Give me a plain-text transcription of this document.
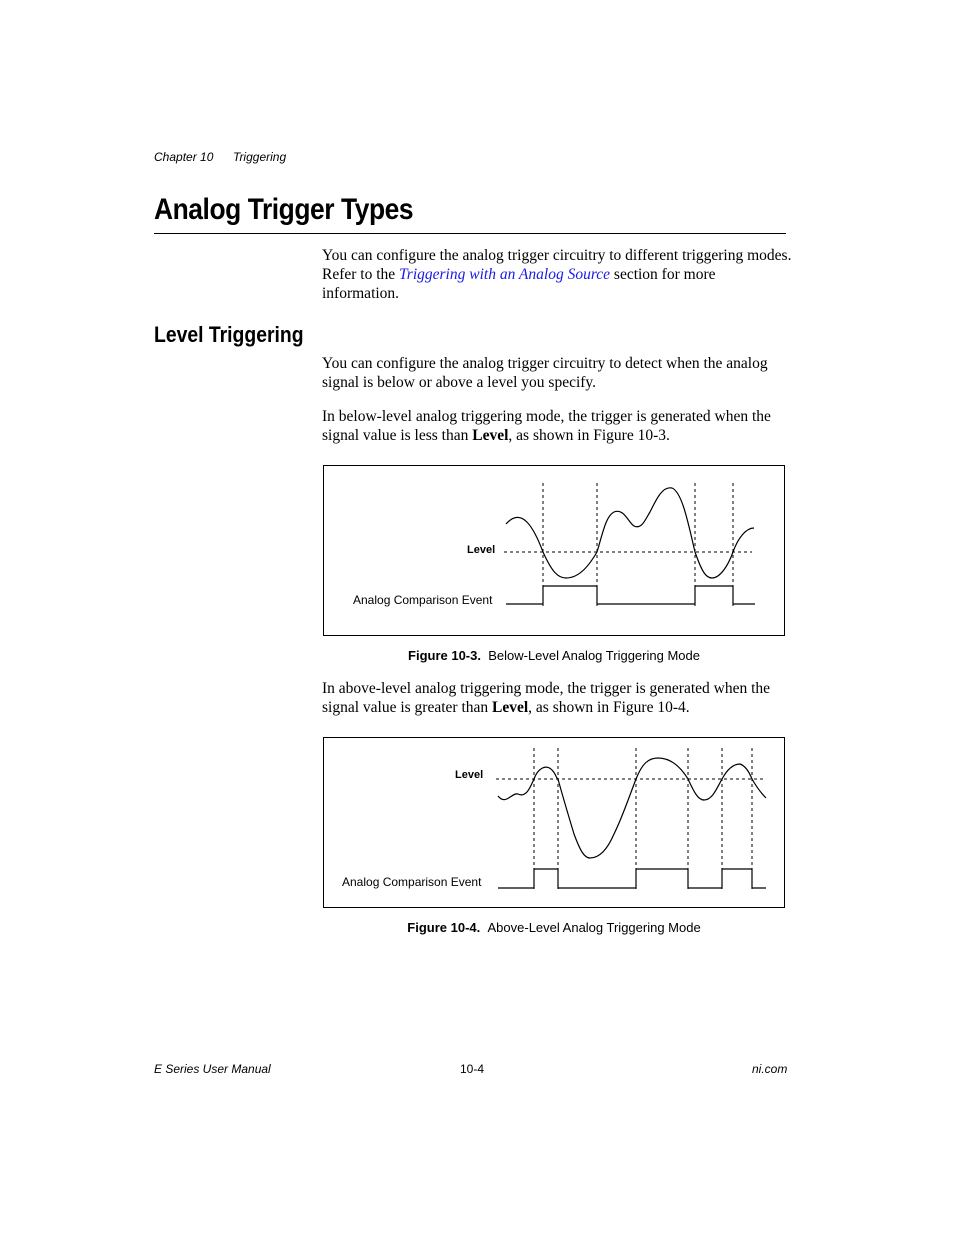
Chapter 10 Triggering
Analog Trigger Types

You can configure the analog trigger circuitry to different triggering modes. Refer to the Triggering with an Analog Source section for more information.

Level Triggering

You can configure the analog trigger circuitry to detect when the analog signal is below or above a level you specify.

In below-level analog triggering mode, the trigger is generated when the signal value is less than Level, as shown in Figure 10-3.

Level
Analog Comparison Event
Figure 10-3. Below-Level Analog Triggering Mode

In above-level analog triggering mode, the trigger is generated when the signal value is greater than Level, as shown in Figure 10-4.

Level
Analog Comparison Event
Figure 10-4. Above-Level Analog Triggering Mode
E Series User Manual	10-4	ni.com
